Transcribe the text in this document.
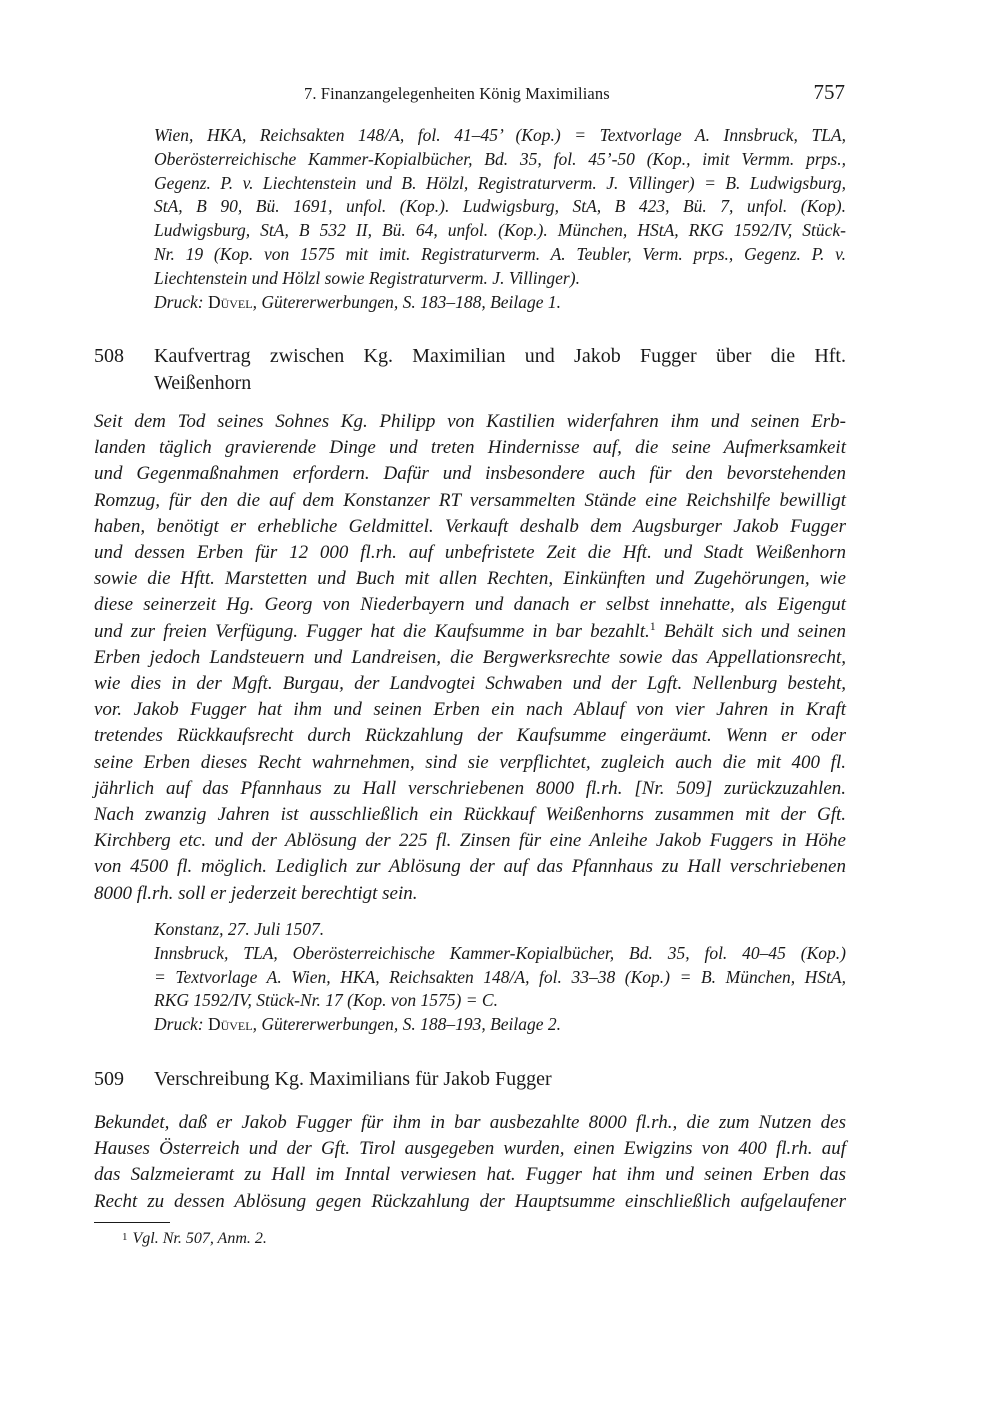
7. Finanzangelegenheiten König Maximilians	757
Wien, HKA, Reichsakten 148/A, fol. 41–45’ (Kop.) = Textvorlage A. Innsbruck, TLA,
Oberösterreichische Kammer-Kopialbücher, Bd. 35, fol. 45’-50 (Kop., imit Vermm. prps.,
Gegenz. P. v. Liechtenstein und B. Hölzl, Registraturverm. J. Villinger) = B. Ludwigsburg,
StA, B 90, Bü. 1691, unfol. (Kop.). Ludwigsburg, StA, B 423, Bü. 7, unfol. (Kop).
Ludwigsburg, StA, B 532 II, Bü. 64, unfol. (Kop.). München, HStA, RKG 1592/IV, Stück-
Nr. 19 (Kop. von 1575 mit imit. Registraturverm. A. Teubler, Verm. prps., Gegenz. P. v.
Liechtenstein und Hölzl sowie Registraturverm. J. Villinger).
Druck: Düvel, Gütererwerbungen, S. 183–188, Beilage 1.
508 Kaufvertrag zwischen Kg. Maximilian und Jakob Fugger über die Hft.
Weißenhorn
Seit dem Tod seines Sohnes Kg. Philipp von Kastilien widerfahren ihm und seinen Erb-
landen täglich gravierende Dinge und treten Hindernisse auf, die seine Aufmerksamkeit
und Gegenmaßnahmen erfordern. Dafür und insbesondere auch für den bevorstehenden
Romzug, für den die auf dem Konstanzer RT versammelten Stände eine Reichshilfe bewilligt
haben, benötigt er erhebliche Geldmittel. Verkauft deshalb dem Augsburger Jakob Fugger
und dessen Erben für 12 000 fl.rh. auf unbefristete Zeit die Hft. und Stadt Weißenhorn
sowie die Hftt. Marstetten und Buch mit allen Rechten, Einkünften und Zugehörungen, wie
diese seinerzeit Hg. Georg von Niederbayern und danach er selbst innehatte, als Eigengut
und zur freien Verfügung. Fugger hat die Kaufsumme in bar bezahlt.$^1$ Behält sich und seinen
Erben jedoch Landsteuern und Landreisen, die Bergwerksrechte sowie das Appellationsrecht,
wie dies in der Mgft. Burgau, der Landvogtei Schwaben und der Lgft. Nellenburg besteht,
vor. Jakob Fugger hat ihm und seinen Erben ein nach Ablauf von vier Jahren in Kraft
tretendes Rückkaufsrecht durch Rückzahlung der Kaufsumme eingeräumt. Wenn er oder
seine Erben dieses Recht wahrnehmen, sind sie verpflichtet, zugleich auch die mit 400 fl.
jährlich auf das Pfannhaus zu Hall verschriebenen 8000 fl.rh. [Nr. 509] zurückzuzahlen.
Nach zwanzig Jahren ist ausschließlich ein Rückkauf Weißenhorns zusammen mit der Gft.
Kirchberg etc. und der Ablösung der 225 fl. Zinsen für eine Anleihe Jakob Fuggers in Höhe
von 4500 fl. möglich. Lediglich zur Ablösung der auf das Pfannhaus zu Hall verschriebenen
8000 fl.rh. soll er jederzeit berechtigt sein.
Konstanz, 27. Juli 1507.
Innsbruck, TLA, Oberösterreichische Kammer-Kopialbücher, Bd. 35, fol. 40–45 (Kop.)
= Textvorlage A. Wien, HKA, Reichsakten 148/A, fol. 33–38 (Kop.) = B. München, HStA,
RKG 1592/IV, Stück-Nr. 17 (Kop. von 1575) = C.
Druck: Düvel, Gütererwerbungen, S. 188–193, Beilage 2.
509 Verschreibung Kg. Maximilians für Jakob Fugger
Bekundet, daß er Jakob Fugger für ihm in bar ausbezahlte 8000 fl.rh., die zum Nutzen des
Hauses Österreich und der Gft. Tirol ausgegeben wurden, einen Ewigzins von 400 fl.rh. auf
das Salzmeieramt zu Hall im Inntal verwiesen hat. Fugger hat ihm und seinen Erben das
Recht zu dessen Ablösung gegen Rückzahlung der Hauptsumme einschließlich aufgelaufener
1 Vgl. Nr. 507, Anm. 2.
